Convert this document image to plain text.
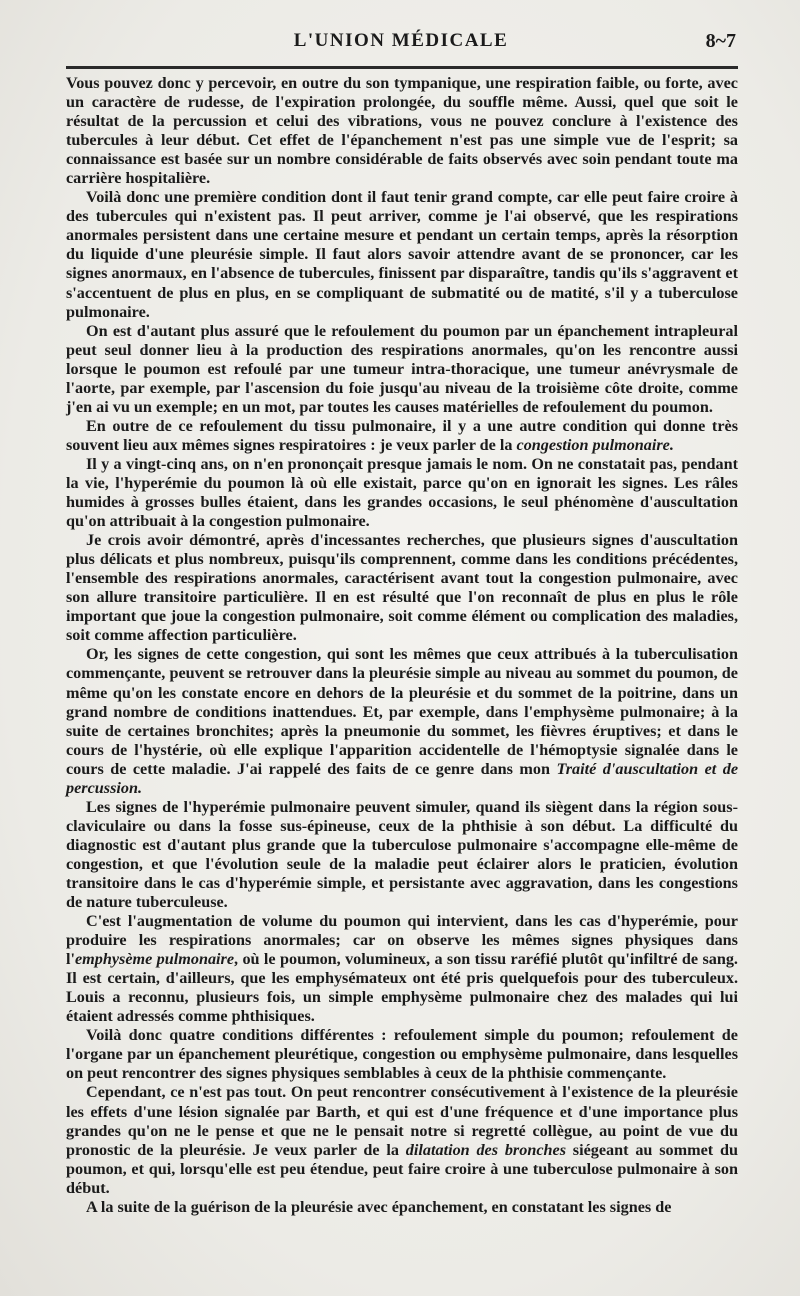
L'UNION MÉDICALE	8~7

Vous pouvez donc y percevoir, en outre du son tympanique, une respiration faible, ou forte, avec un caractère de rudesse, de l'expiration prolongée, du souffle même. Aussi, quel que soit le résultat de la percussion et celui des vibrations, vous ne pouvez conclure à l'existence des tubercules à leur début. Cet effet de l'épanchement n'est pas une simple vue de l'esprit; sa connaissance est basée sur un nombre considérable de faits observés avec soin pendant toute ma carrière hospitalière.

Voilà donc une première condition dont il faut tenir grand compte, car elle peut faire croire à des tubercules qui n'existent pas. Il peut arriver, comme je l'ai observé, que les respirations anormales persistent dans une certaine mesure et pendant un certain temps, après la résorption du liquide d'une pleurésie simple. Il faut alors savoir attendre avant de se prononcer, car les signes anormaux, en l'absence de tubercules, finissent par disparaître, tandis qu'ils s'aggravent et s'accentuent de plus en plus, en se compliquant de submatité ou de matité, s'il y a tuberculose pulmonaire.

On est d'autant plus assuré que le refoulement du poumon par un épanchement intrapleural peut seul donner lieu à la production des respirations anormales, qu'on les rencontre aussi lorsque le poumon est refoulé par une tumeur intra-thoracique, une tumeur anévrysmale de l'aorte, par exemple, par l'ascension du foie jusqu'au niveau de la troisième côte droite, comme j'en ai vu un exemple; en un mot, par toutes les causes matérielles de refoulement du poumon.

En outre de ce refoulement du tissu pulmonaire, il y a une autre condition qui donne très souvent lieu aux mêmes signes respiratoires : je veux parler de la congestion pulmonaire.

Il y a vingt-cinq ans, on n'en prononçait presque jamais le nom. On ne constatait pas, pendant la vie, l'hyperémie du poumon là où elle existait, parce qu'on en ignorait les signes. Les râles humides à grosses bulles étaient, dans les grandes occasions, le seul phénomène d'auscultation qu'on attribuait à la congestion pulmonaire.

Je crois avoir démontré, après d'incessantes recherches, que plusieurs signes d'auscultation plus délicats et plus nombreux, puisqu'ils comprennent, comme dans les conditions précédentes, l'ensemble des respirations anormales, caractérisent avant tout la congestion pulmonaire, avec son allure transitoire particulière. Il en est résulté que l'on reconnaît de plus en plus le rôle important que joue la congestion pulmonaire, soit comme élément ou complication des maladies, soit comme affection particulière.

Or, les signes de cette congestion, qui sont les mêmes que ceux attribués à la tuberculisation commençante, peuvent se retrouver dans la pleurésie simple au niveau au sommet du poumon, de même qu'on les constate encore en dehors de la pleurésie et du sommet de la poitrine, dans un grand nombre de conditions inattendues. Et, par exemple, dans l'emphysème pulmonaire; à la suite de certaines bronchites; après la pneumonie du sommet, les fièvres éruptives; et dans le cours de l'hystérie, où elle explique l'apparition accidentelle de l'hémoptysie signalée dans le cours de cette maladie. J'ai rappelé des faits de ce genre dans mon Traité d'auscultation et de percussion.

Les signes de l'hyperémie pulmonaire peuvent simuler, quand ils siègent dans la région sous-claviculaire ou dans la fosse sus-épineuse, ceux de la phthisie à son début. La difficulté du diagnostic est d'autant plus grande que la tuberculose pulmonaire s'accompagne elle-même de congestion, et que l'évolution seule de la maladie peut éclairer alors le praticien, évolution transitoire dans le cas d'hyperémie simple, et persistante avec aggravation, dans les congestions de nature tuberculeuse.

C'est l'augmentation de volume du poumon qui intervient, dans les cas d'hyperémie, pour produire les respirations anormales; car on observe les mêmes signes physiques dans l'emphysème pulmonaire, où le poumon, volumineux, a son tissu raréfié plutôt qu'infiltré de sang. Il est certain, d'ailleurs, que les emphysémateux ont été pris quelquefois pour des tuberculeux. Louis a reconnu, plusieurs fois, un simple emphysème pulmonaire chez des malades qui lui étaient adressés comme phthisiques.

Voilà donc quatre conditions différentes : refoulement simple du poumon; refoulement de l'organe par un épanchement pleurétique, congestion ou emphysème pulmonaire, dans lesquelles on peut rencontrer des signes physiques semblables à ceux de la phthisie commençante.

Cependant, ce n'est pas tout. On peut rencontrer consécutivement à l'existence de la pleurésie les effets d'une lésion signalée par Barth, et qui est d'une fréquence et d'une importance plus grandes qu'on ne le pense et que ne le pensait notre si regretté collègue, au point de vue du pronostic de la pleurésie. Je veux parler de la dilatation des bronches siégeant au sommet du poumon, et qui, lorsqu'elle est peu étendue, peut faire croire à une tuberculose pulmonaire à son début.

A la suite de la guérison de la pleurésie avec épanchement, en constatant les signes de
